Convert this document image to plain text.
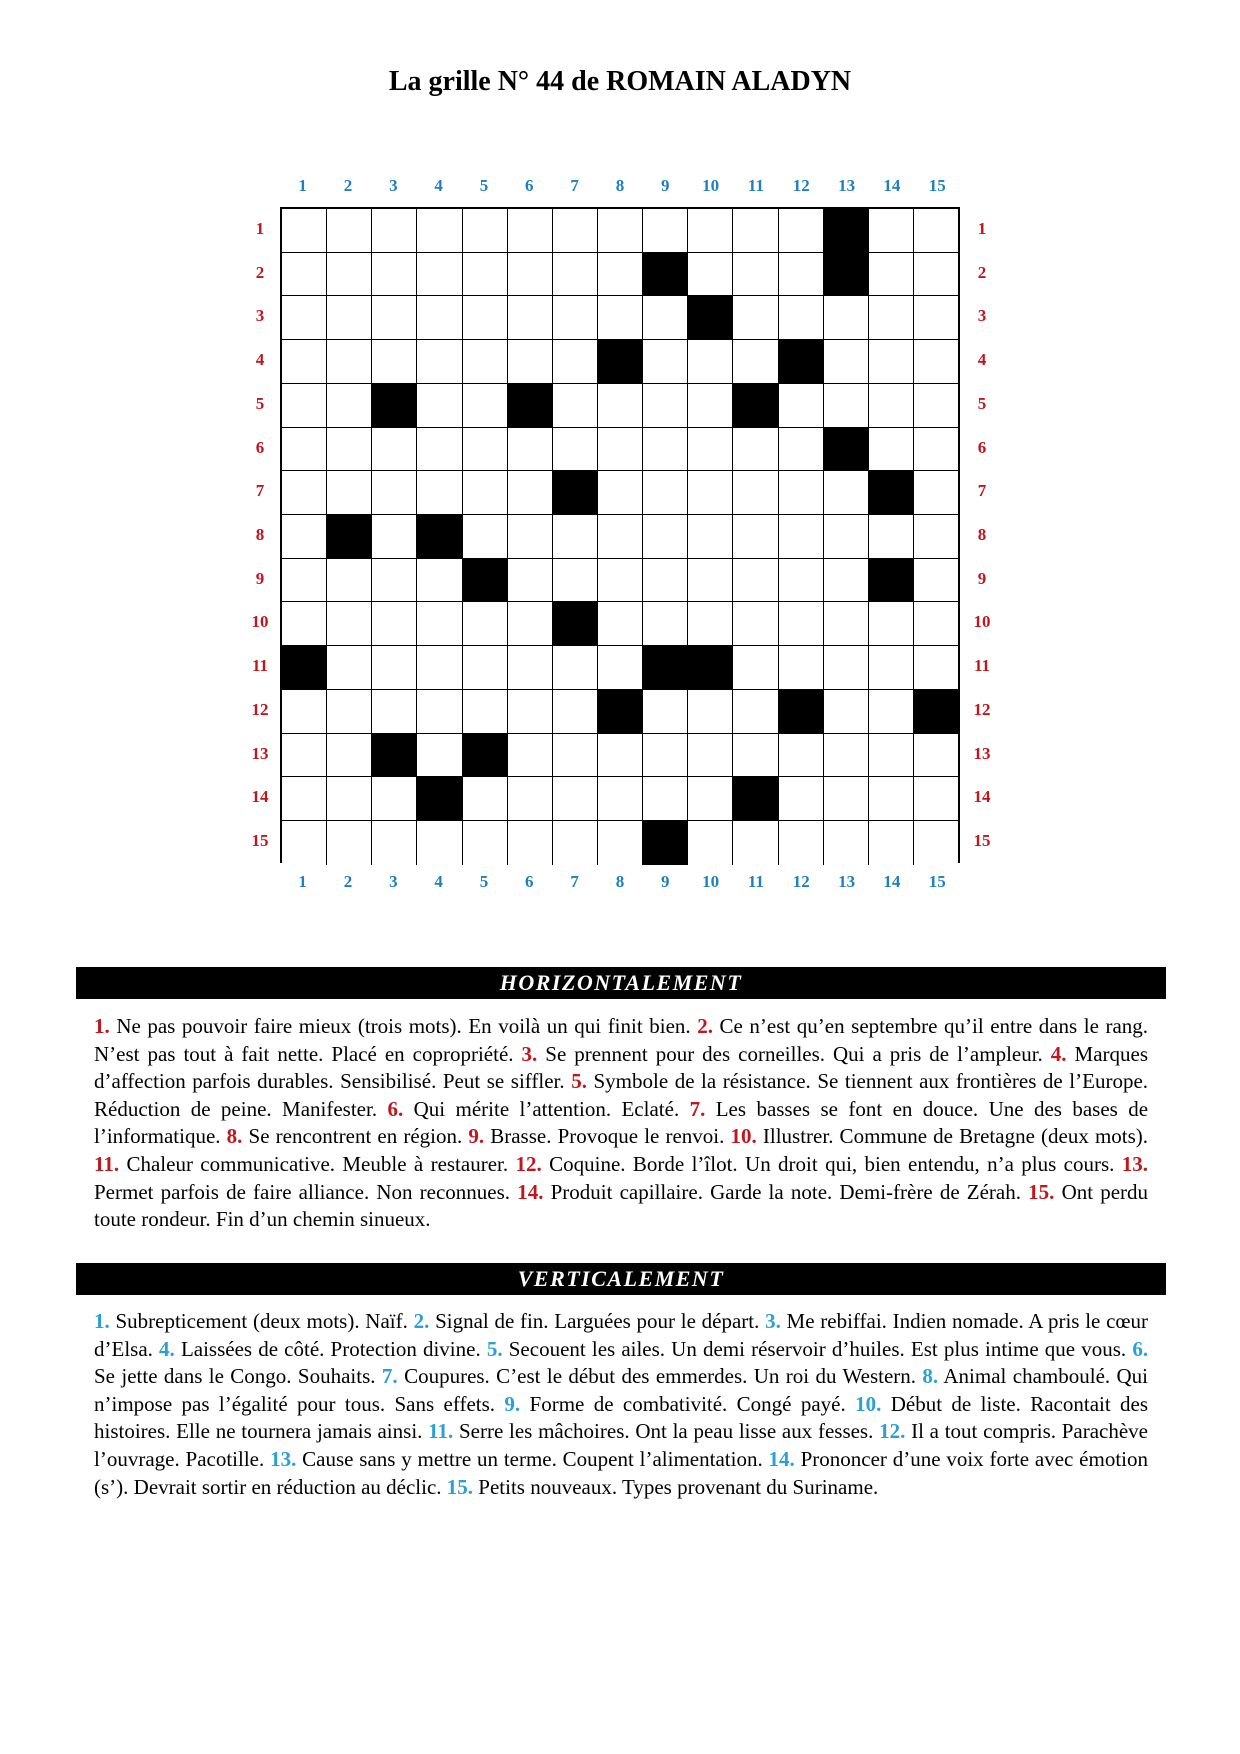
La grille N° 44 de ROMAIN ALADYN
1	2	3	4	5	6	7	8	9	10	11	12	13	14	15
1
2
3
4
5
6
7
8
9
10
11
12
13
14
15
1
2
3
4
5
6
7
8
9
10
11
12
13
14
15
1	2	3	4	5	6	7	8	9	10	11	12	13	14	15
HORIZONTALEMENT

1. Ne pas pouvoir faire mieux (trois mots). En voilà un qui finit bien. 2. Ce n’est qu’en septembre qu’il entre dans le rang. N’est pas tout à fait nette. Placé en copropriété. 3. Se prennent pour des corneilles. Qui a pris de l’ampleur. 4. Marques d’affection parfois durables. Sensibilisé. Peut se siffler. 5. Symbole de la résistance. Se tiennent aux frontières de l’Europe. Réduction de peine. Manifester. 6. Qui mérite l’attention. Eclaté. 7. Les basses se font en douce. Une des bases de l’informatique. 8. Se rencontrent en région. 9. Brasse. Provoque le renvoi. 10. Illustrer. Commune de Bretagne (deux mots). 11. Chaleur communicative. Meuble à restaurer. 12. Coquine. Borde l’îlot. Un droit qui, bien entendu, n’a plus cours. 13. Permet parfois de faire alliance. Non reconnues. 14. Produit capillaire. Garde la note. Demi-frère de Zérah. 15. Ont perdu toute rondeur. Fin d’un chemin sinueux.

VERTICALEMENT

1. Subrepticement (deux mots). Naïf. 2. Signal de fin. Larguées pour le départ. 3. Me rebiffai. Indien nomade. A pris le cœur d’Elsa. 4. Laissées de côté. Protection divine. 5. Secouent les ailes. Un demi réservoir d’huiles. Est plus intime que vous. 6. Se jette dans le Congo. Souhaits. 7. Coupures. C’est le début des emmerdes. Un roi du Western. 8. Animal chamboulé. Qui n’impose pas l’égalité pour tous. Sans effets. 9. Forme de combativité. Congé payé. 10. Début de liste. Racontait des histoires. Elle ne tournera jamais ainsi. 11. Serre les mâchoires. Ont la peau lisse aux fesses. 12. Il a tout compris. Parachève l’ouvrage. Pacotille. 13. Cause sans y mettre un terme. Coupent l’alimentation. 14. Prononcer d’une voix forte avec émotion (s’). Devrait sortir en réduction au déclic. 15. Petits nouveaux. Types provenant du Suriname.
